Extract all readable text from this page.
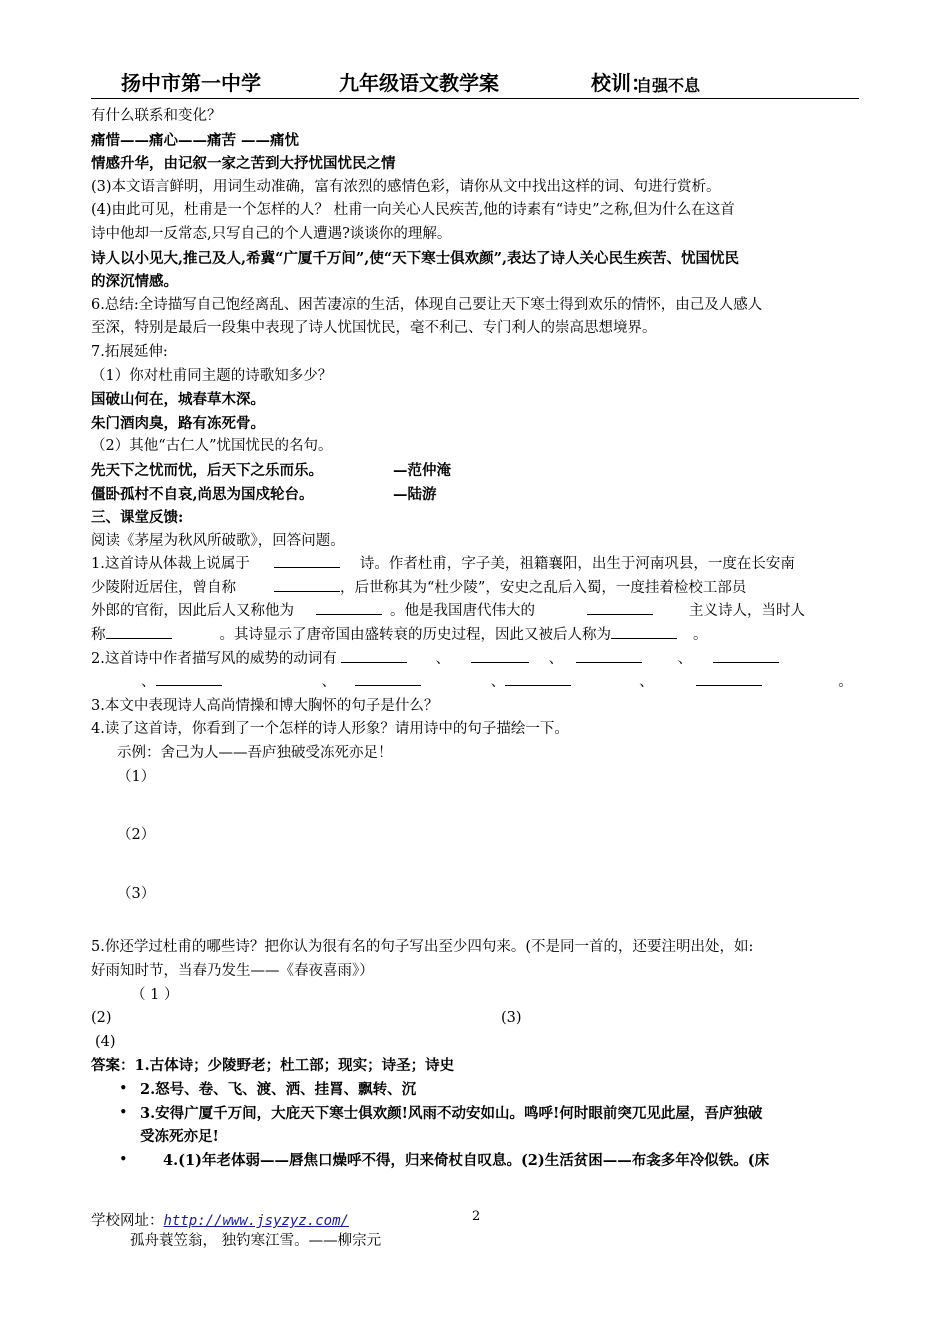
扬中市第一中学	九年级语文教学案	校训：
自强不息
有什么联系和变化？
痛惜——痛心——痛苦 ——痛忧
情感升华，由记叙一家之苦到大抒忧国忧民之情
(3)本文语言鲜明，用词生动准确，富有浓烈的感情色彩，请你从文中找出这样的词、句进行赏析。
(4)由此可见，杜甫是一个怎样的人？ 杜甫一向关心人民疾苦,他的诗素有“诗史”之称,但为什么在这首
诗中他却一反常态,只写自己的个人遭遇?谈谈你的理解。
诗人以小见大,推己及人,希冀“广厦千万间”,使“天下寒士俱欢颜”,表达了诗人关心民生疾苦、忧国忧民
的深沉情感。
6.总结:全诗描写自己饱经离乱、困苦凄凉的生活，体现自己要让天下寒士得到欢乐的情怀，由己及人感人
至深，特别是最后一段集中表现了诗人忧国忧民，毫不利己、专门利人的崇高思想境界。
7.拓展延伸:
（1）你对杜甫同主题的诗歌知多少？
国破山何在，城春草木深。
朱门酒肉臭，路有冻死骨。
（2）其他“古仁人”忧国忧民的名句。
先天下之忧而忧，后天下之乐而乐。	—范仲淹
僵卧孤村不自哀,尚思为国戍轮台。	—陆游
三、课堂反馈:
阅读《茅屋为秋风所破歌》，回答问题。
1.这首诗从体裁上说属于	诗。作者杜甫，字子美，祖籍襄阳，出生于河南巩县，一度在长安南
少陵附近居住，曾自称	，后世称其为“杜少陵”，安史之乱后入蜀，一度挂着检校工部员
外郎的官衔，因此后人又称他为	。他是我国唐代伟大的	主义诗人，当时人
称	。其诗显示了唐帝国由盛转衰的历史过程，因此又被后人称为	。
2.这首诗中作者描写风的威势的动词有	、	、	、
、	、	、	、	。
3.本文中表现诗人高尚情操和博大胸怀的句子是什么？
4.读了这首诗，你看到了一个怎样的诗人形象？请用诗中的句子描绘一下。
示例：舍己为人——吾庐独破受冻死亦足！
（1）
（2）
（3）
5.你还学过杜甫的哪些诗？把你认为很有名的句子写出至少四句来。(不是同一首的，还要注明出处，如:
好雨知时节，当春乃发生——《春夜喜雨》）
（ 1 ）
(2)	(3)
(4)
答案：1.古体诗；少陵野老；杜工部；现实；诗圣；诗史
• 2.怒号、卷、飞、渡、洒、挂罥、飘转、沉
• 3.安得广厦千万间，大庇天下寒士俱欢颜!风雨不动安如山。鸣呼!何时眼前突兀见此屋，吾庐独破
受冻死亦足!
• 4.(1)年老体弱——唇焦口燥呼不得，归来倚杖自叹息。(2)生活贫困——布衾多年冷似铁。(床
学校网址：http://www.jsyzyz.com/	2
孤舟蓑笠翁， 独钓寒江雪。——柳宗元
